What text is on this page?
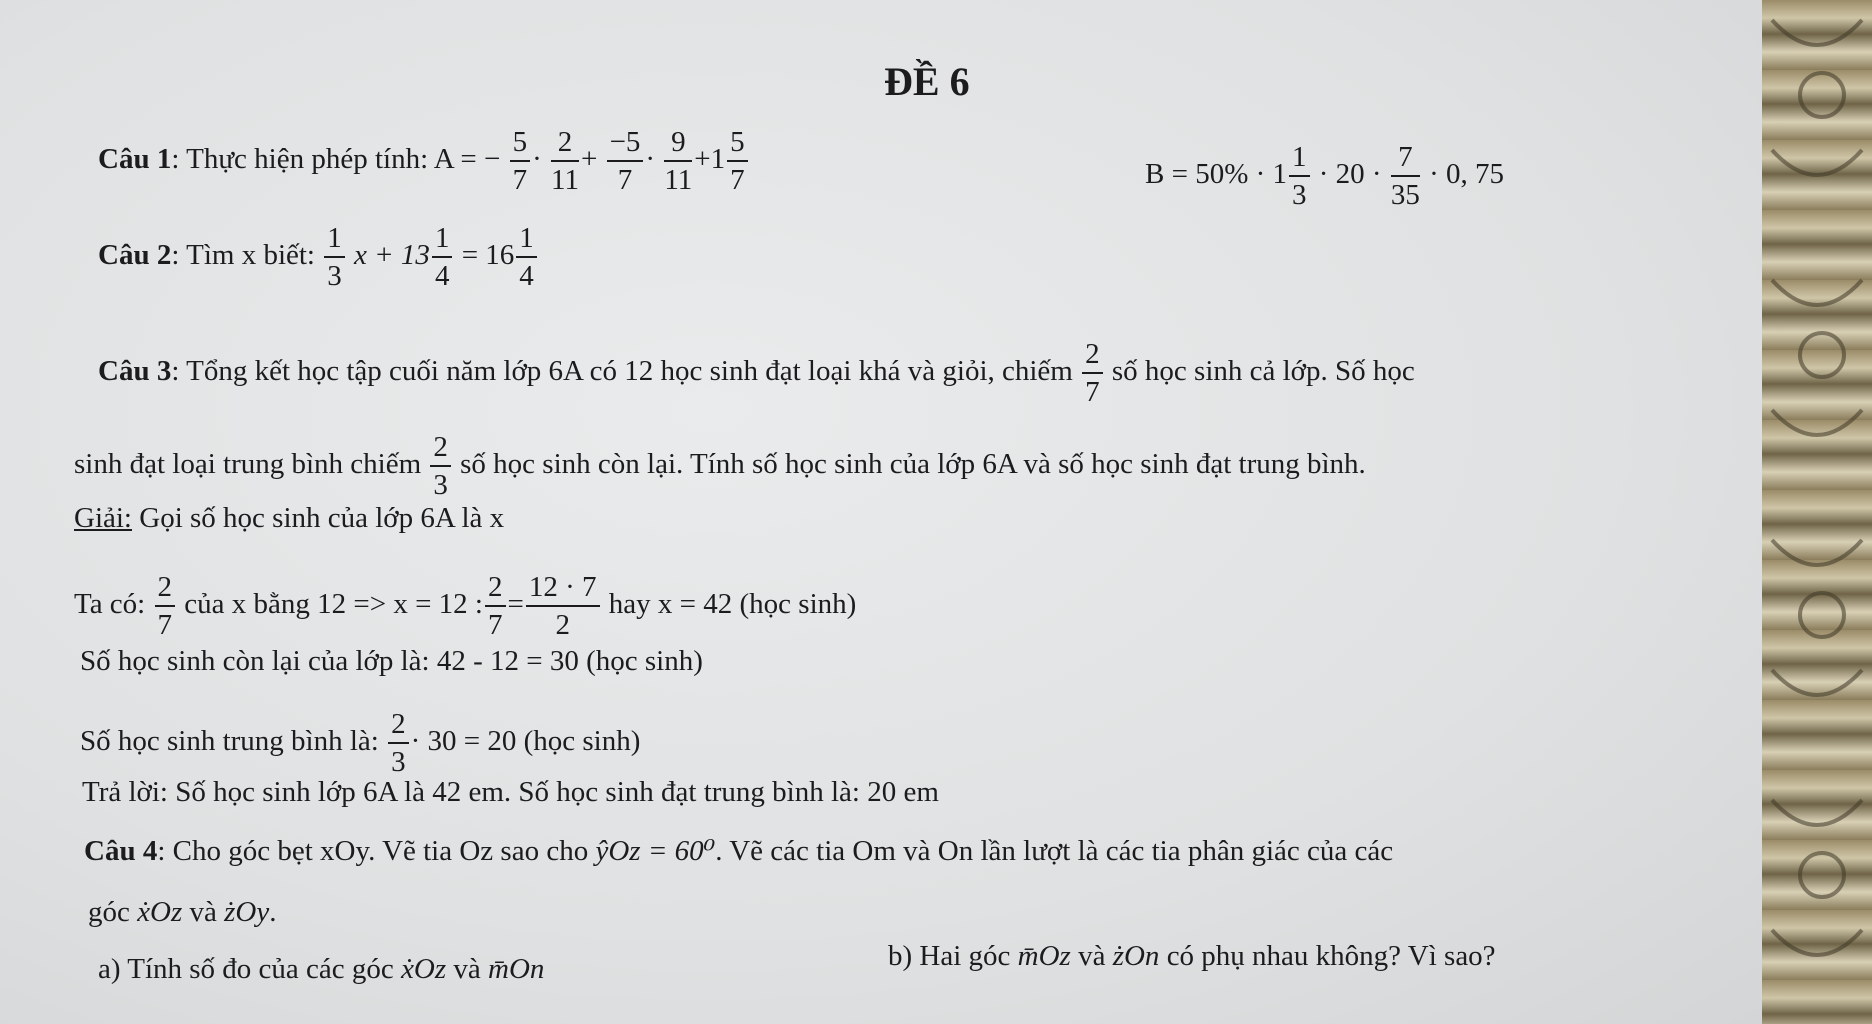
ĐỀ 6
Câu 1: Thực hiện phép tính: A = − $\frac{5}{7} \cdot \frac{2}{11} + \frac{-5}{7} \cdot \frac{9}{11} +1 \frac{5}{7}$	$B = 50\% \cdot 1 \frac{1}{3} \cdot 20 \cdot \frac{7}{35} \cdot 0$, 75
Câu 2: Tìm x biết: $\frac{1}{3}$ $x + 13 \frac{1}{4} = 16 \frac{1}{4}$
Câu 3: Tổng kết học tập cuối năm lớp 6A có 12 học sinh đạt loại khá và giỏi, chiếm $\frac{2}{7}$ số học sinh cả lớp. Số học
sinh đạt loại trung bình chiếm $\frac{2}{3}$ số học sinh còn lại. Tính số học sinh của lớp 6A và số học sinh đạt trung bình.
Giải: Gọi số học sinh của lớp 6A là x
Ta có: $\frac{2}{7}$ của x bằng 12 => x = 12 : $\frac{2}{7} = \frac{12 \cdot 7}{2}$ hay x = 42 (học sinh)
Số học sinh còn lại của lớp là: 42 - 12 = 30 (học sinh)
Số học sinh trung bình là: $\frac{2}{3} \cdot 30 = 20$ (học sinh)
Trả lời: Số học sinh lớp 6A là 42 em. Số học sinh đạt trung bình là: 20 em
Câu 4: Cho góc bẹt xOy. Vẽ tia Oz sao cho ŷOz = 60⁰. Vẽ các tia Om và On lần lượt là các tia phân giác của các
góc ẋOz và żOy.
a) Tính số đo của các góc ẋOz và m̄On	b) Hai góc m̄Oz và żOn có phụ nhau không? Vì sao?
